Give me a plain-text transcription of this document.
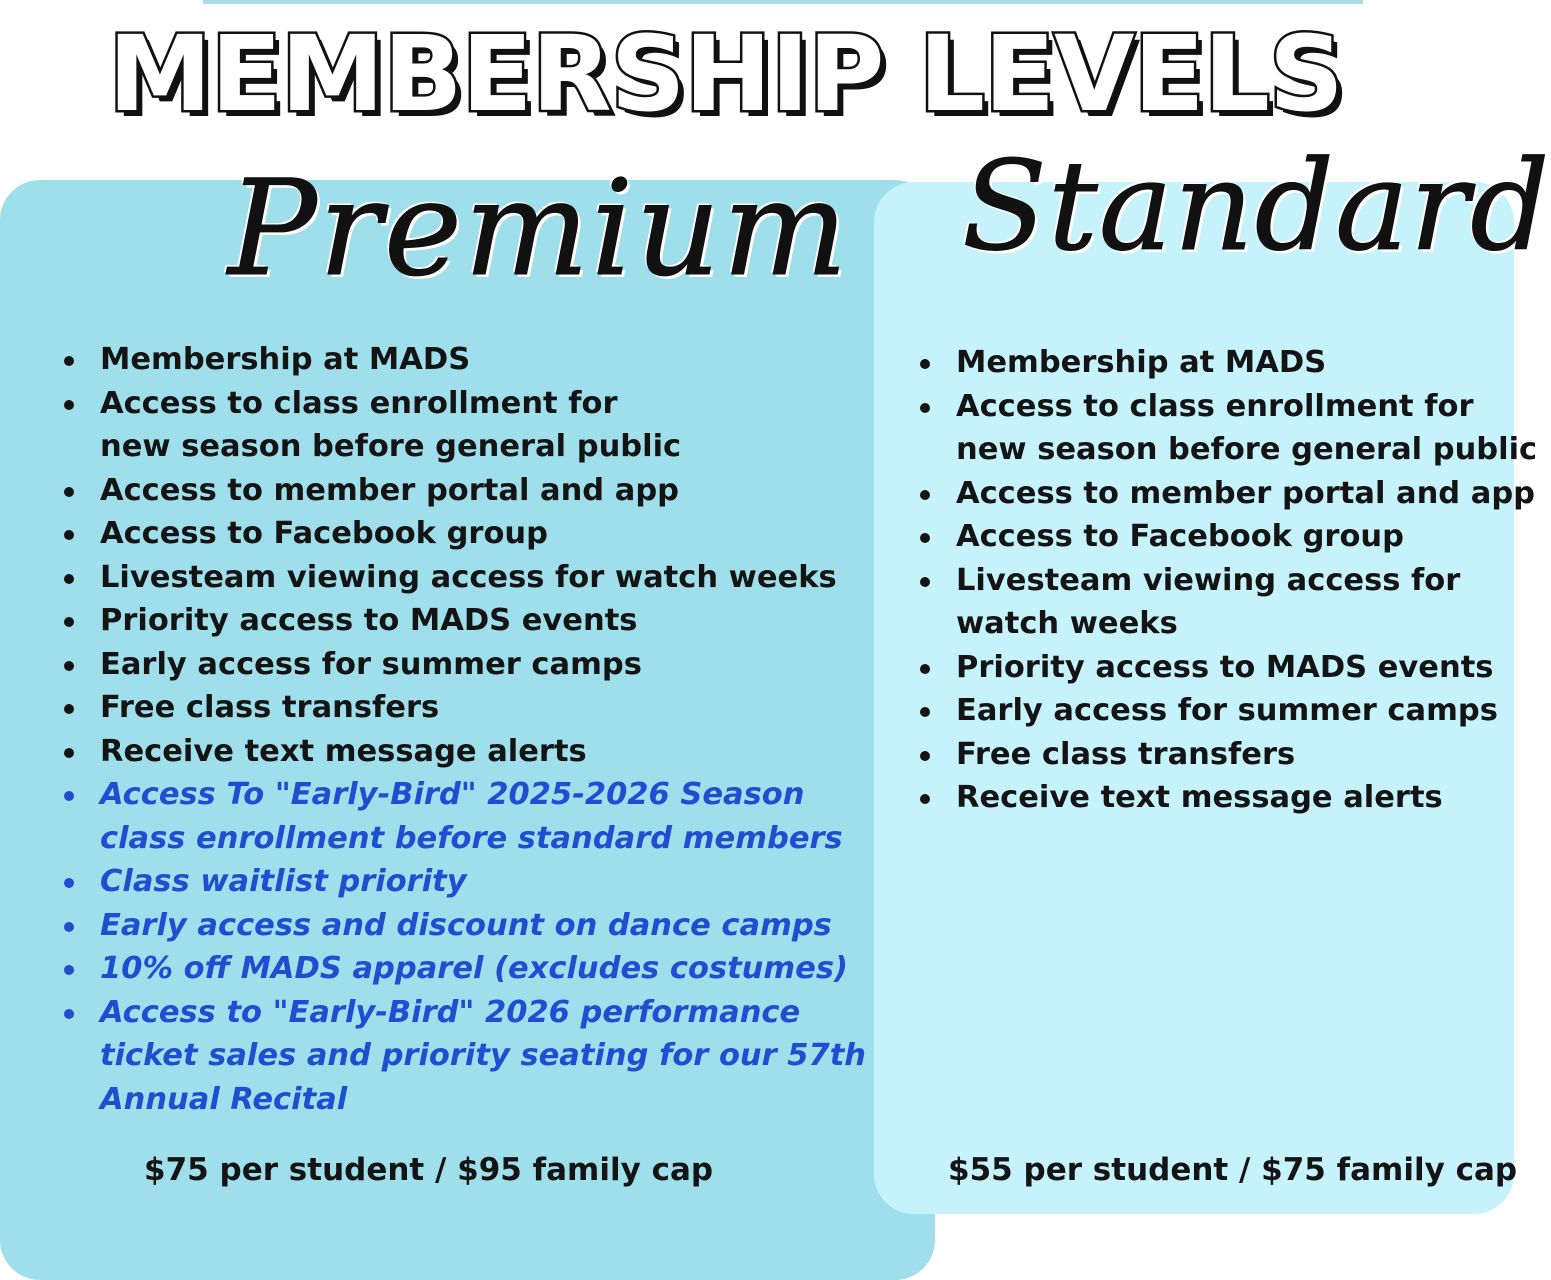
MEMBERSHIP LEVELS
Premium Standard
Membership at MADS
Access to class enrollment for
new season before general public
Access to member portal and app
Access to Facebook group
Livesteam viewing access for watch weeks
Priority access to MADS events
Early access for summer camps
Free class transfers
Receive text message alerts
Access To "Early-Bird" 2025-2026 Season
class enrollment before standard members
Class waitlist priority
Early access and discount on dance camps
10% off MADS apparel (excludes costumes)
Access to "Early-Bird" 2026 performance
ticket sales and priority seating for our 57th
Annual Recital
Membership at MADS
Access to class enrollment for
new season before general public
Access to member portal and app
Access to Facebook group
Livesteam viewing access for
watch weeks
Priority access to MADS events
Early access for summer camps
Free class transfers
Receive text message alerts

$75 per student / $95 family cap	$55 per student / $75 family cap
